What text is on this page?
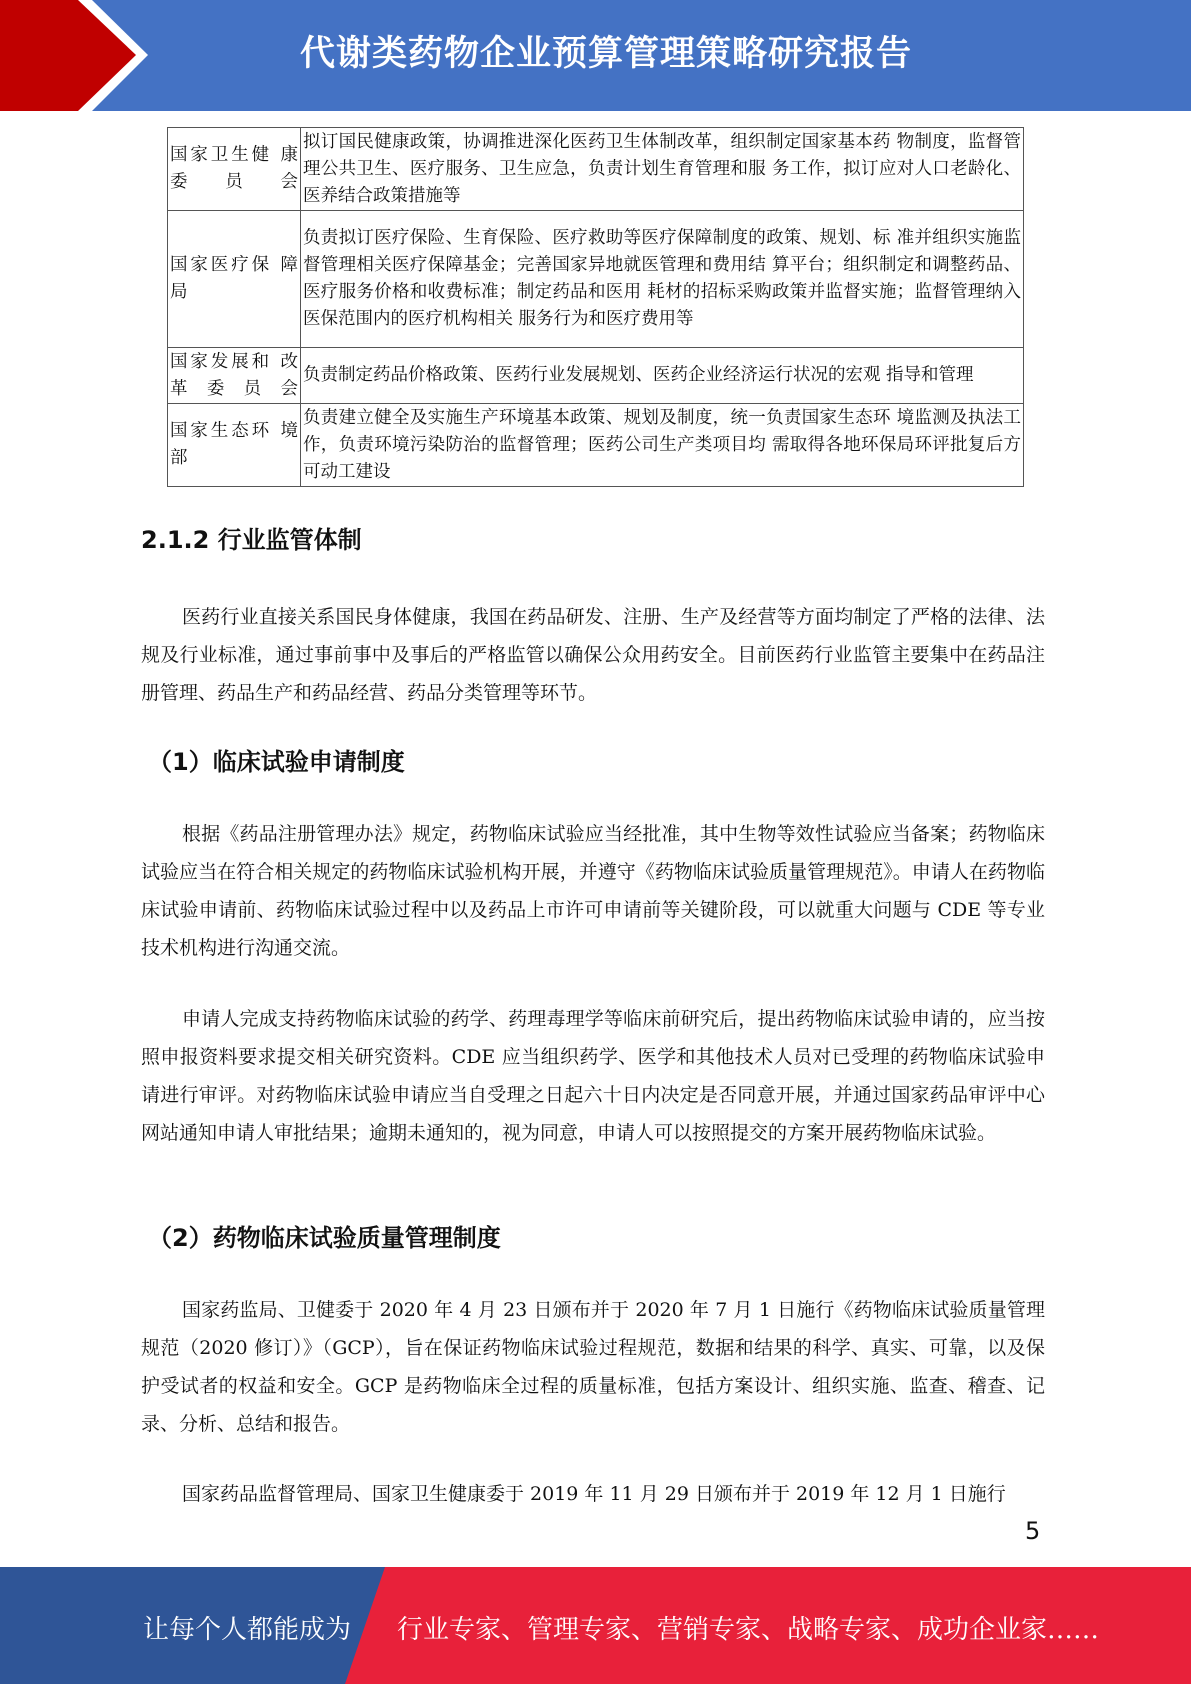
代谢类药物企业预算管理策略研究报告
国家卫生健 康委员会	拟订国民健康政策，协调推进深化医药卫生体制改革，组织制定国家基本药 物制度，监督管理公共卫生、医疗服务、卫生应急，负责计划生育管理和服 务工作，拟订应对人口老龄化、医养结合政策措施等
国家医疗保 障局	负责拟订医疗保险、生育保险、医疗救助等医疗保障制度的政策、规划、标 准并组织实施监督管理相关医疗保障基金；完善国家异地就医管理和费用结 算平台；组织制定和调整药品、医疗服务价格和收费标准；制定药品和医用 耗材的招标采购政策并监督实施；监督管理纳入医保范围内的医疗机构相关 服务行为和医疗费用等
国家发展和 改革委员会	负责制定药品价格政策、医药行业发展规划、医药企业经济运行状况的宏观 指导和管理
国家生态环 境部	负责建立健全及实施生产环境基本政策、规划及制度，统一负责国家生态环 境监测及执法工作，负责环境污染防治的监督管理；医药公司生产类项目均 需取得各地环保局环评批复后方可动工建设
2.1.2 行业监管体制

医药行业直接关系国民身体健康，我国在药品研发、注册、生产及经营等方面均制定了严格的法律、法规及行业标准，通过事前事中及事后的严格监管以确保公众用药安全。目前医药行业监管主要集中在药品注册管理、药品生产和药品经营、药品分类管理等环节。

（1）临床试验申请制度

根据《药品注册管理办法》规定，药物临床试验应当经批准，其中生物等效性试验应当备案；药物临床试验应当在符合相关规定的药物临床试验机构开展，并遵守《药物临床试验质量管理规范》。申请人在药物临床试验申请前、药物临床试验过程中以及药品上市许可申请前等关键阶段，可以就重大问题与 CDE 等专业技术机构进行沟通交流。

申请人完成支持药物临床试验的药学、药理毒理学等临床前研究后，提出药物临床试验申请的，应当按照申报资料要求提交相关研究资料。CDE 应当组织药学、医学和其他技术人员对已受理的药物临床试验申请进行审评。对药物临床试验申请应当自受理之日起六十日内决定是否同意开展，并通过国家药品审评中心网站通知申请人审批结果；逾期未通知的，视为同意，申请人可以按照提交的方案开展药物临床试验。

（2）药物临床试验质量管理制度

国家药监局、卫健委于 2020 年 4 月 23 日颁布并于 2020 年 7 月 1 日施行《药物临床试验质量管理规范（2020 修订）》（GCP），旨在保证药物临床试验过程规范，数据和结果的科学、真实、可靠，以及保护受试者的权益和安全。GCP 是药物临床全过程的质量标准，包括方案设计、组织实施、监查、稽查、记录、分析、总结和报告。

国家药品监督管理局、国家卫生健康委于 2019 年 11 月 29 日颁布并于 2019 年 12 月 1 日施行

5
让每个人都能成为 行业专家、管理专家、营销专家、战略专家、成功企业家……
